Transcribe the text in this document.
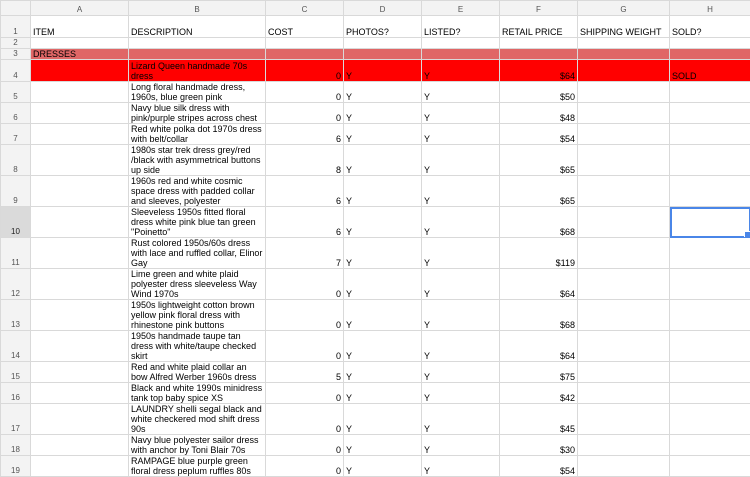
	A	B	C	D	E	F	G	H
1	ITEM	DESCRIPTION	COST	PHOTOS?	LISTED?	RETAIL PRICE	SHIPPING WEIGHT	SOLD?
2								
3	DRESSES							
4		Lizard Queen handmade 70s dress	0	Y	Y	$64		SOLD
5		Long floral handmade dress, 1960s, blue green pink	0	Y	Y	$50		
6		Navy blue silk dress with pink/purple stripes across chest	0	Y	Y	$48		
7		Red white polka dot 1970s dress with belt/collar	6	Y	Y	$54		
8		1980s star trek dress grey/red /black with asymmetrical buttons up side	8	Y	Y	$65		
9		1960s red and white cosmic space dress with padded collar and sleeves, polyester	6	Y	Y	$65		
10		Sleeveless 1950s fitted floral dress white pink blue tan green "Poinetto"	6	Y	Y	$68		

11		Rust colored 1950s/60s dress with lace and ruffled collar, Elinor Gay	7	Y	Y	$119		
12		Lime green and white plaid polyester dress sleeveless Way Wind 1970s	0	Y	Y	$64		
13		1950s lightweight cotton brown yellow pink floral dress with rhinestone pink buttons	0	Y	Y	$68		
14		1950s handmade taupe tan dress with white/taupe checked skirt	0	Y	Y	$64		
15		Red and white plaid collar an bow Alfred Werber 1960s dress	5	Y	Y	$75		
16		Black and white 1990s minidress tank top baby spice XS	0	Y	Y	$42		
17		LAUNDRY shelli segal black and white checkered mod shift dress 90s	0	Y	Y	$45		
18		Navy blue polyester sailor dress with anchor by Toni Blair 70s	0	Y	Y	$30		
19		RAMPAGE blue purple green floral dress peplum ruffles 80s	0	Y	Y	$54		
